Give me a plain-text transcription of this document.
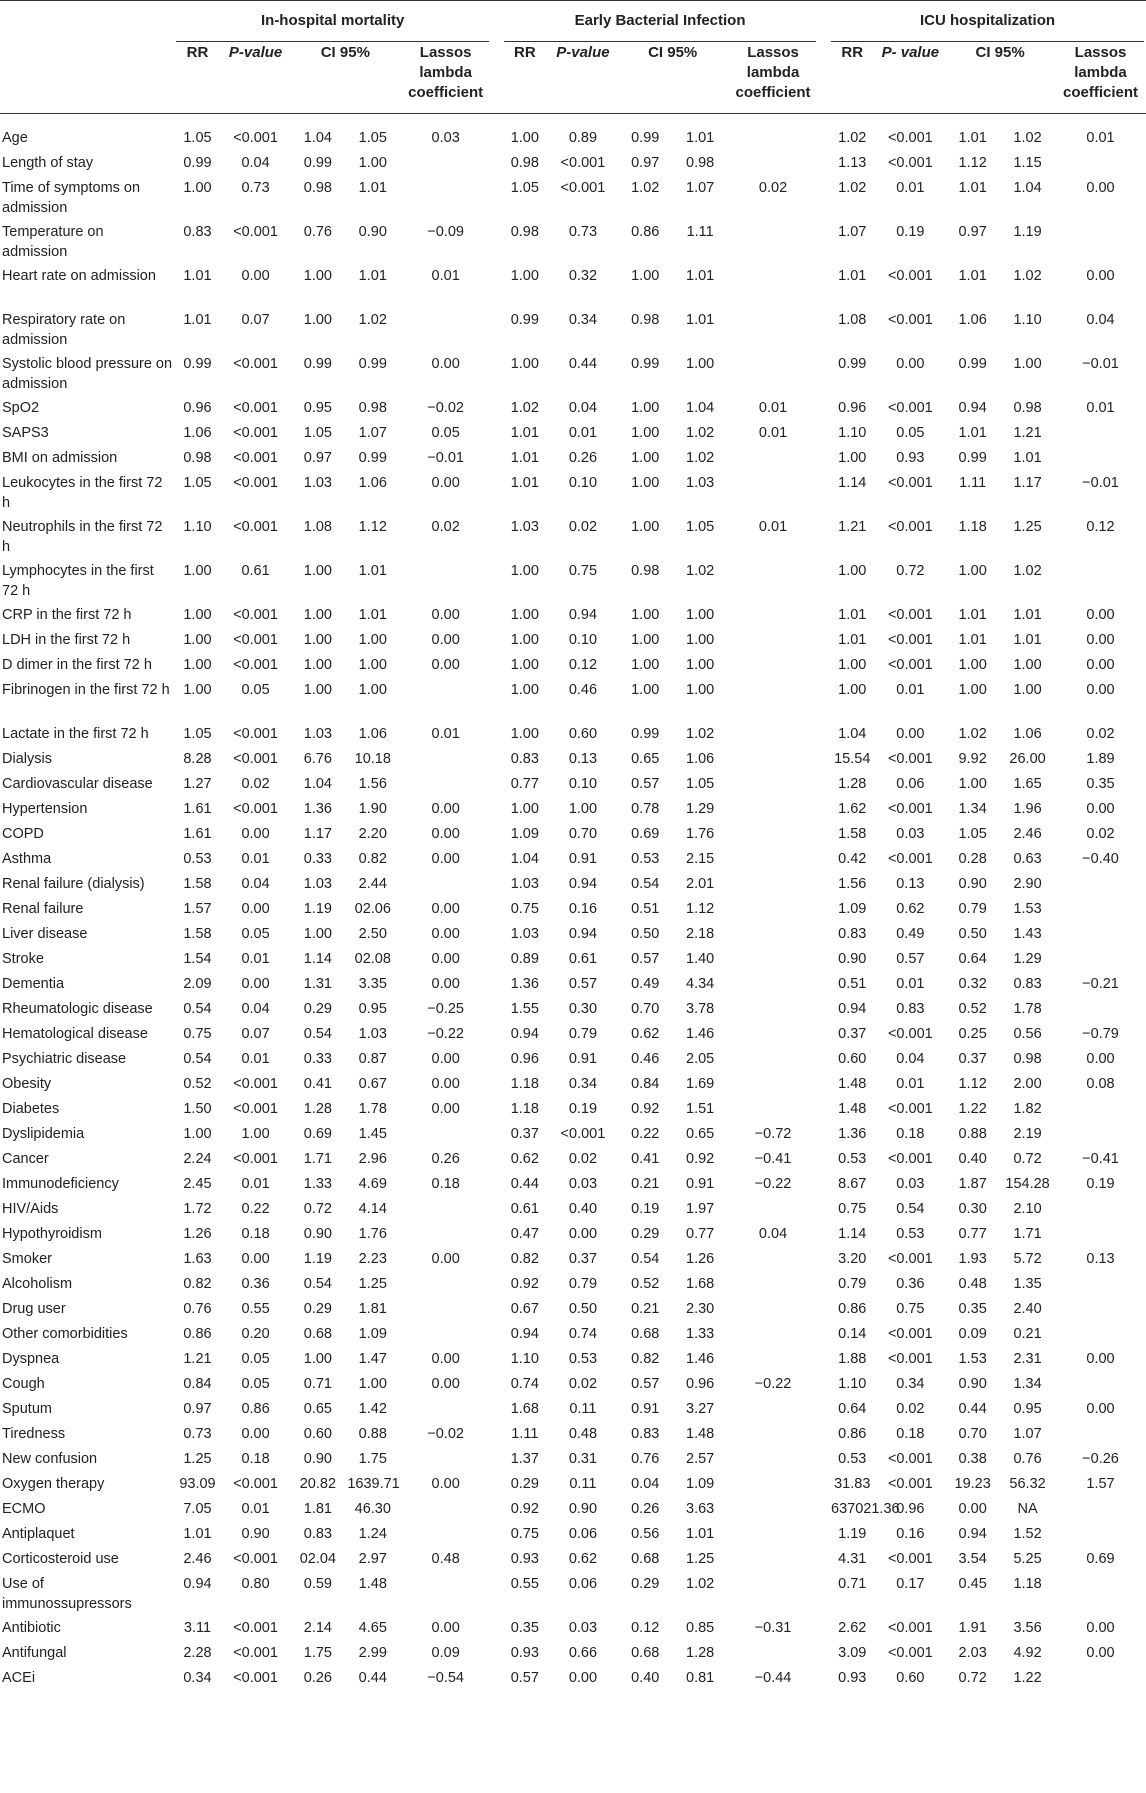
	In-hospital mortality						Early Bacterial Infection						ICU hospitalization				

	RR	P-value	CI 95%		Lassos lambda coefficient		RR	P-value	CI 95%		Lassos lambda coefficient		RR	P- value	CI 95%		Lassos lambda coefficient

Age	1.05	<0.001	1.04	1.05	0.03		1.00	0.89	0.99	1.01			1.02	<0.001	1.01	1.02	0.01
Length of stay	0.99	0.04	0.99	1.00			0.98	<0.001	0.97	0.98			1.13	<0.001	1.12	1.15	
Time of symptoms on admission	1.00	0.73	0.98	1.01			1.05	<0.001	1.02	1.07	0.02		1.02	0.01	1.01	1.04	0.00
Temperature on admission	0.83	<0.001	0.76	0.90	−0.09		0.98	0.73	0.86	1.11			1.07	0.19	0.97	1.19	
Heart rate on admission	1.01	0.00	1.00	1.01	0.01		1.00	0.32	1.00	1.01			1.01	<0.001	1.01	1.02	0.00
Respiratory rate on admission	1.01	0.07	1.00	1.02			0.99	0.34	0.98	1.01			1.08	<0.001	1.06	1.10	0.04
Systolic blood pressure on admission	0.99	<0.001	0.99	0.99	0.00		1.00	0.44	0.99	1.00			0.99	0.00	0.99	1.00	−0.01
SpO2	0.96	<0.001	0.95	0.98	−0.02		1.02	0.04	1.00	1.04	0.01		0.96	<0.001	0.94	0.98	0.01
SAPS3	1.06	<0.001	1.05	1.07	0.05		1.01	0.01	1.00	1.02	0.01		1.10	0.05	1.01	1.21	
BMI on admission	0.98	<0.001	0.97	0.99	−0.01		1.01	0.26	1.00	1.02			1.00	0.93	0.99	1.01	
Leukocytes in the first 72 h	1.05	<0.001	1.03	1.06	0.00		1.01	0.10	1.00	1.03			1.14	<0.001	1.11	1.17	−0.01
Neutrophils in the first 72 h	1.10	<0.001	1.08	1.12	0.02		1.03	0.02	1.00	1.05	0.01		1.21	<0.001	1.18	1.25	0.12
Lymphocytes in the first 72 h	1.00	0.61	1.00	1.01			1.00	0.75	0.98	1.02			1.00	0.72	1.00	1.02	
CRP in the first 72 h	1.00	<0.001	1.00	1.01	0.00		1.00	0.94	1.00	1.00			1.01	<0.001	1.01	1.01	0.00
LDH in the first 72 h	1.00	<0.001	1.00	1.00	0.00		1.00	0.10	1.00	1.00			1.01	<0.001	1.01	1.01	0.00
D dimer in the first 72 h	1.00	<0.001	1.00	1.00	0.00		1.00	0.12	1.00	1.00			1.00	<0.001	1.00	1.00	0.00
Fibrinogen in the first 72 h	1.00	0.05	1.00	1.00			1.00	0.46	1.00	1.00			1.00	0.01	1.00	1.00	0.00
Lactate in the first 72 h	1.05	<0.001	1.03	1.06	0.01		1.00	0.60	0.99	1.02			1.04	0.00	1.02	1.06	0.02
Dialysis	8.28	<0.001	6.76	10.18			0.83	0.13	0.65	1.06			15.54	<0.001	9.92	26.00	1.89
Cardiovascular disease	1.27	0.02	1.04	1.56			0.77	0.10	0.57	1.05			1.28	0.06	1.00	1.65	0.35
Hypertension	1.61	<0.001	1.36	1.90	0.00		1.00	1.00	0.78	1.29			1.62	<0.001	1.34	1.96	0.00
COPD	1.61	0.00	1.17	2.20	0.00		1.09	0.70	0.69	1.76			1.58	0.03	1.05	2.46	0.02
Asthma	0.53	0.01	0.33	0.82	0.00		1.04	0.91	0.53	2.15			0.42	<0.001	0.28	0.63	−0.40
Renal failure (dialysis)	1.58	0.04	1.03	2.44			1.03	0.94	0.54	2.01			1.56	0.13	0.90	2.90	
Renal failure	1.57	0.00	1.19	02.06	0.00		0.75	0.16	0.51	1.12			1.09	0.62	0.79	1.53	
Liver disease	1.58	0.05	1.00	2.50	0.00		1.03	0.94	0.50	2.18			0.83	0.49	0.50	1.43	
Stroke	1.54	0.01	1.14	02.08	0.00		0.89	0.61	0.57	1.40			0.90	0.57	0.64	1.29	
Dementia	2.09	0.00	1.31	3.35	0.00		1.36	0.57	0.49	4.34			0.51	0.01	0.32	0.83	−0.21
Rheumatologic disease	0.54	0.04	0.29	0.95	−0.25		1.55	0.30	0.70	3.78			0.94	0.83	0.52	1.78	
Hematological disease	0.75	0.07	0.54	1.03	−0.22		0.94	0.79	0.62	1.46			0.37	<0.001	0.25	0.56	−0.79
Psychiatric disease	0.54	0.01	0.33	0.87	0.00		0.96	0.91	0.46	2.05			0.60	0.04	0.37	0.98	0.00
Obesity	0.52	<0.001	0.41	0.67	0.00		1.18	0.34	0.84	1.69			1.48	0.01	1.12	2.00	0.08
Diabetes	1.50	<0.001	1.28	1.78	0.00		1.18	0.19	0.92	1.51			1.48	<0.001	1.22	1.82	
Dyslipidemia	1.00	1.00	0.69	1.45			0.37	<0.001	0.22	0.65	−0.72		1.36	0.18	0.88	2.19	
Cancer	2.24	<0.001	1.71	2.96	0.26		0.62	0.02	0.41	0.92	−0.41		0.53	<0.001	0.40	0.72	−0.41
Immunodeficiency	2.45	0.01	1.33	4.69	0.18		0.44	0.03	0.21	0.91	−0.22		8.67	0.03	1.87	154.28	0.19
HIV/Aids	1.72	0.22	0.72	4.14			0.61	0.40	0.19	1.97			0.75	0.54	0.30	2.10	
Hypothyroidism	1.26	0.18	0.90	1.76			0.47	0.00	0.29	0.77	0.04		1.14	0.53	0.77	1.71	
Smoker	1.63	0.00	1.19	2.23	0.00		0.82	0.37	0.54	1.26			3.20	<0.001	1.93	5.72	0.13
Alcoholism	0.82	0.36	0.54	1.25			0.92	0.79	0.52	1.68			0.79	0.36	0.48	1.35	
Drug user	0.76	0.55	0.29	1.81			0.67	0.50	0.21	2.30			0.86	0.75	0.35	2.40	
Other comorbidities	0.86	0.20	0.68	1.09			0.94	0.74	0.68	1.33			0.14	<0.001	0.09	0.21	
Dyspnea	1.21	0.05	1.00	1.47	0.00		1.10	0.53	0.82	1.46			1.88	<0.001	1.53	2.31	0.00
Cough	0.84	0.05	0.71	1.00	0.00		0.74	0.02	0.57	0.96	−0.22		1.10	0.34	0.90	1.34	
Sputum	0.97	0.86	0.65	1.42			1.68	0.11	0.91	3.27			0.64	0.02	0.44	0.95	0.00
Tiredness	0.73	0.00	0.60	0.88	−0.02		1.11	0.48	0.83	1.48			0.86	0.18	0.70	1.07	
New confusion	1.25	0.18	0.90	1.75			1.37	0.31	0.76	2.57			0.53	<0.001	0.38	0.76	−0.26
Oxygen therapy	93.09	<0.001	20.82	1639.71	0.00		0.29	0.11	0.04	1.09			31.83	<0.001	19.23	56.32	1.57
ECMO	7.05	0.01	1.81	46.30			0.92	0.90	0.26	3.63			637021.36	0.96	0.00	NA	
Antiplaquet	1.01	0.90	0.83	1.24			0.75	0.06	0.56	1.01			1.19	0.16	0.94	1.52	
Corticosteroid use	2.46	<0.001	02.04	2.97	0.48		0.93	0.62	0.68	1.25			4.31	<0.001	3.54	5.25	0.69
Use of immunossupressors	0.94	0.80	0.59	1.48			0.55	0.06	0.29	1.02			0.71	0.17	0.45	1.18	
Antibiotic	3.11	<0.001	2.14	4.65	0.00		0.35	0.03	0.12	0.85	−0.31		2.62	<0.001	1.91	3.56	0.00
Antifungal	2.28	<0.001	1.75	2.99	0.09		0.93	0.66	0.68	1.28			3.09	<0.001	2.03	4.92	0.00
ACEi	0.34	<0.001	0.26	0.44	−0.54		0.57	0.00	0.40	0.81	−0.44		0.93	0.60	0.72	1.22	
